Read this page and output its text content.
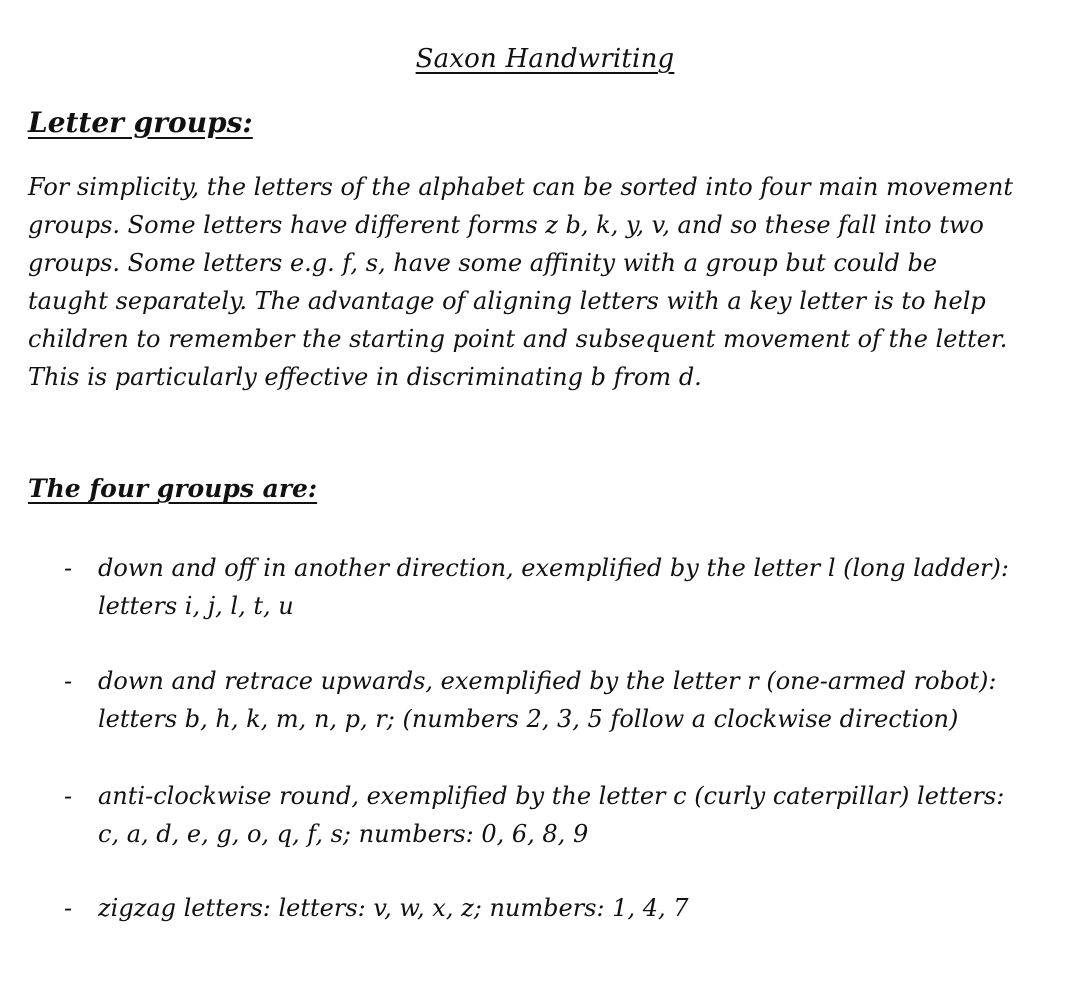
Saxon Handwriting
Letter groups:
For simplicity, the letters of the alphabet can be sorted into four main movement
groups. Some letters have different forms z b, k, y, v, and so these fall into two
groups. Some letters e.g. f, s, have some affinity with a group but could be
taught separately. The advantage of aligning letters with a key letter is to help
children to remember the starting point and subsequent movement of the letter.
This is particularly effective in discriminating b from d.
The four groups are:
-	down and off in another direction, exemplified by the letter l (long ladder):
letters i, j, l, t, u
-	down and retrace upwards, exemplified by the letter r (one-armed robot):
letters b, h, k, m, n, p, r; (numbers 2, 3, 5 follow a clockwise direction)
-	anti-clockwise round, exemplified by the letter c (curly caterpillar) letters:
c, a, d, e, g, o, q, f, s; numbers: 0, 6, 8, 9
-	zigzag letters: letters: v, w, x, z; numbers: 1, 4, 7
